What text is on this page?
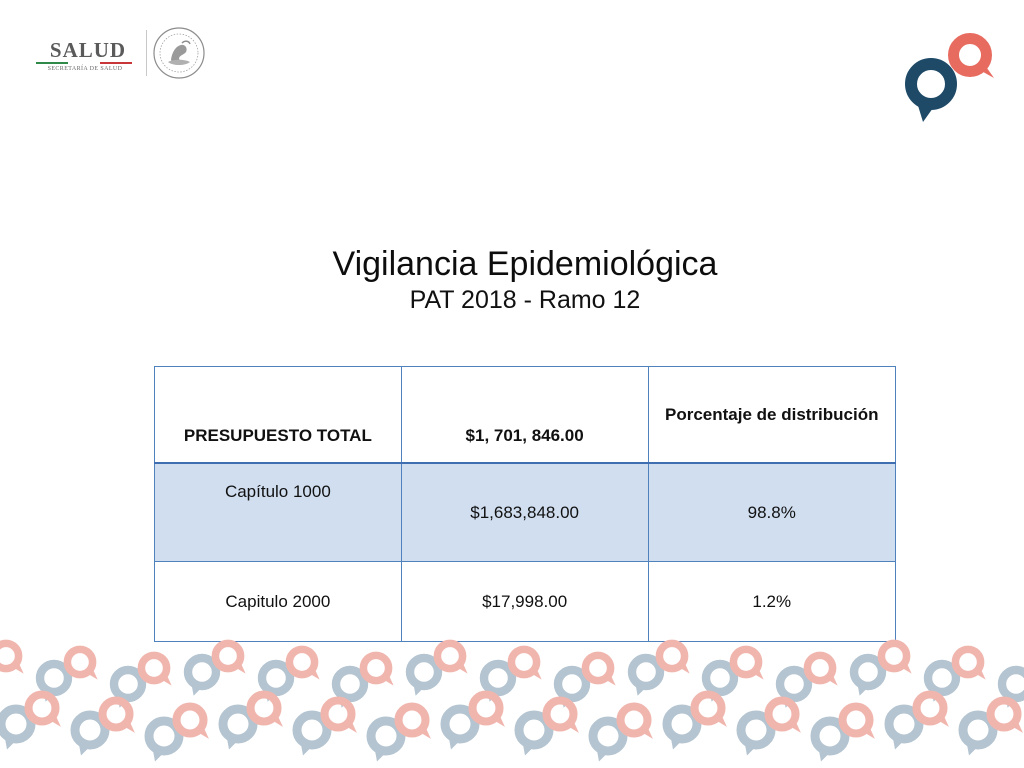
SALUD
SECRETARÍA DE SALUD
Vigilancia Epidemiológica
PAT 2018 - Ramo 12
PRESUPUESTO TOTAL	$1, 701, 846.00	Porcentaje de distribución
Capítulo 1000	$1,683,848.00	98.8%
Capitulo 2000	$17,998.00	1.2%
